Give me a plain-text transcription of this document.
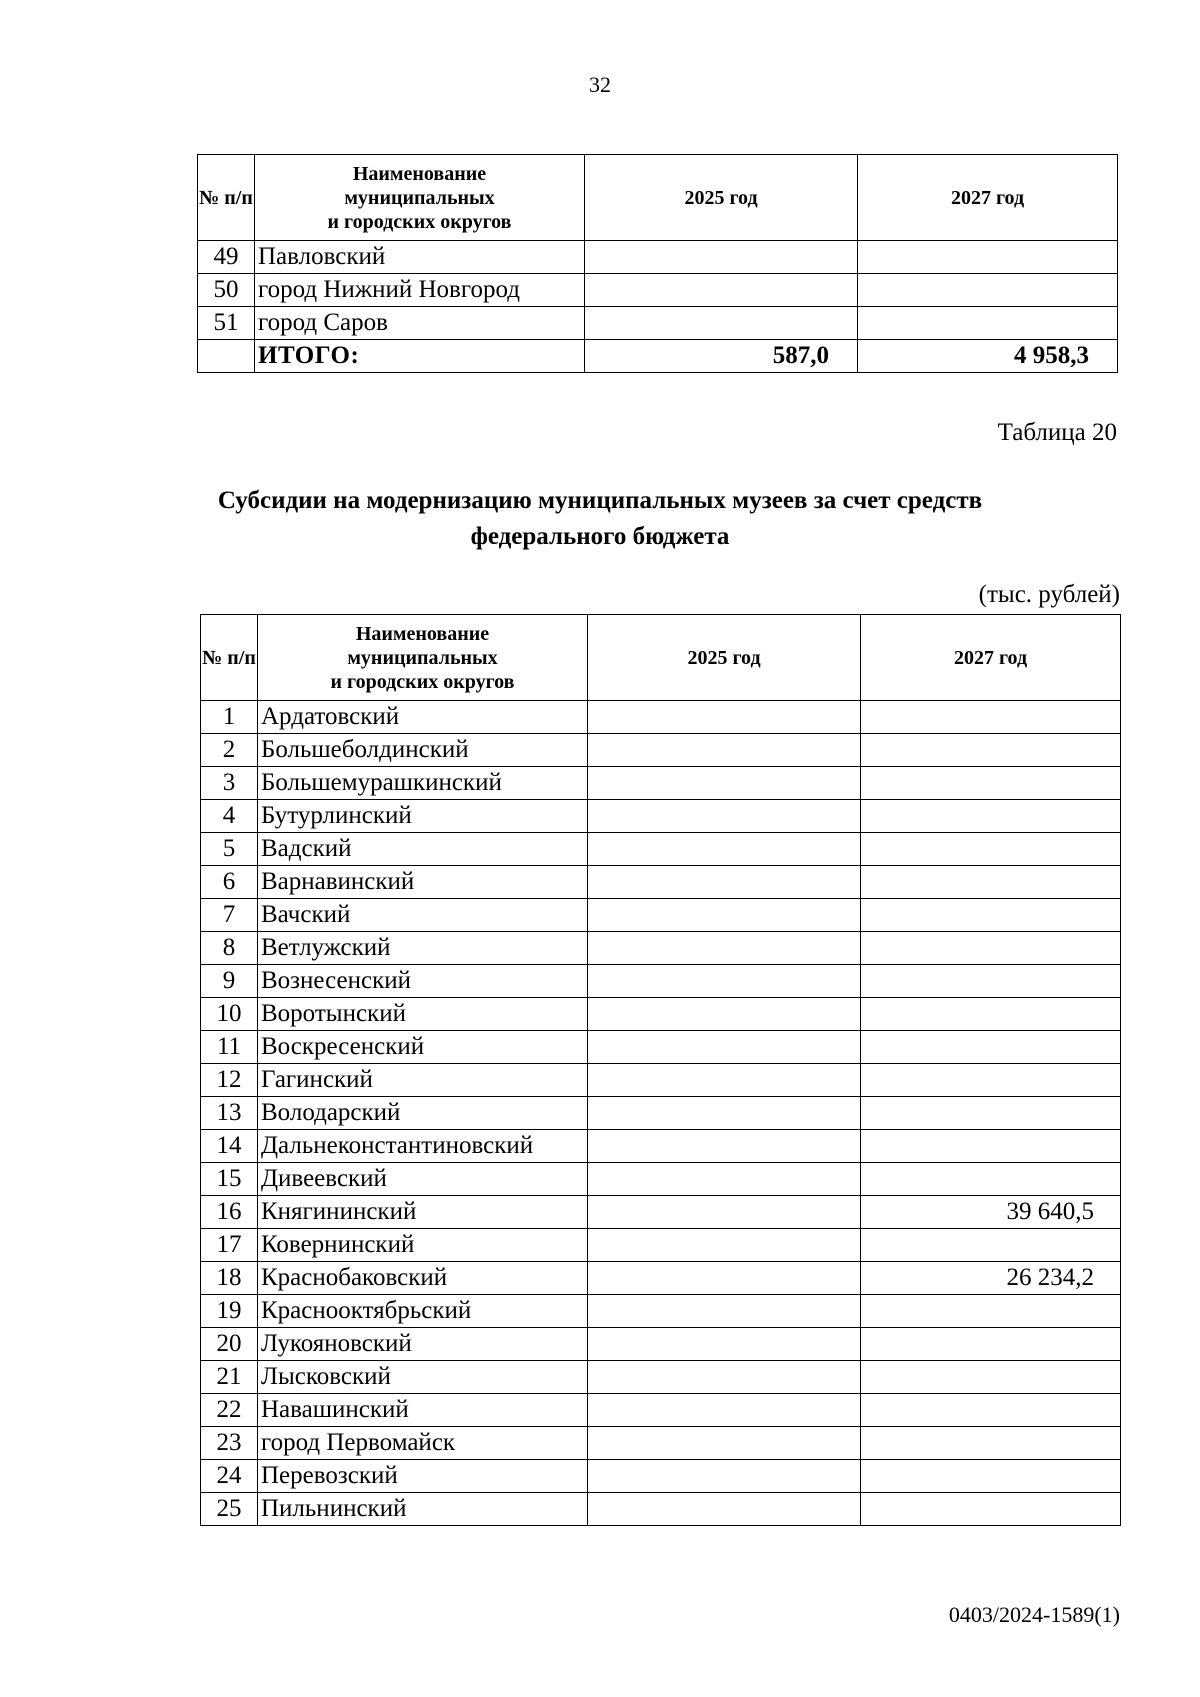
32
№ п/п	Наименование
муниципальных
и городских округов	2025 год	2027 год
49	Павловский		
50	город Нижний Новгород		
51	город Саров		
	ИТОГО:	587,0	4 958,3
Таблица 20
Субсидии на модернизацию муниципальных музеев за счет средств
федерального бюджета
(тыс. рублей)
№ п/п	Наименование
муниципальных
и городских округов	2025 год	2027 год
1	Ардатовский		
2	Большеболдинский		
3	Большемурашкинский		
4	Бутурлинский		
5	Вадский		
6	Варнавинский		
7	Вачский		
8	Ветлужский		
9	Вознесенский		
10	Воротынский		
11	Воскресенский		
12	Гагинский		
13	Володарский		
14	Дальнеконстантиновский		
15	Дивеевский		
16	Княгининский		39 640,5
17	Ковернинский		
18	Краснобаковский		26 234,2
19	Краснооктябрьский		
20	Лукояновский		
21	Лысковский		
22	Навашинский		
23	город Первомайск		
24	Перевозский		
25	Пильнинский		
0403/2024-1589(1)
